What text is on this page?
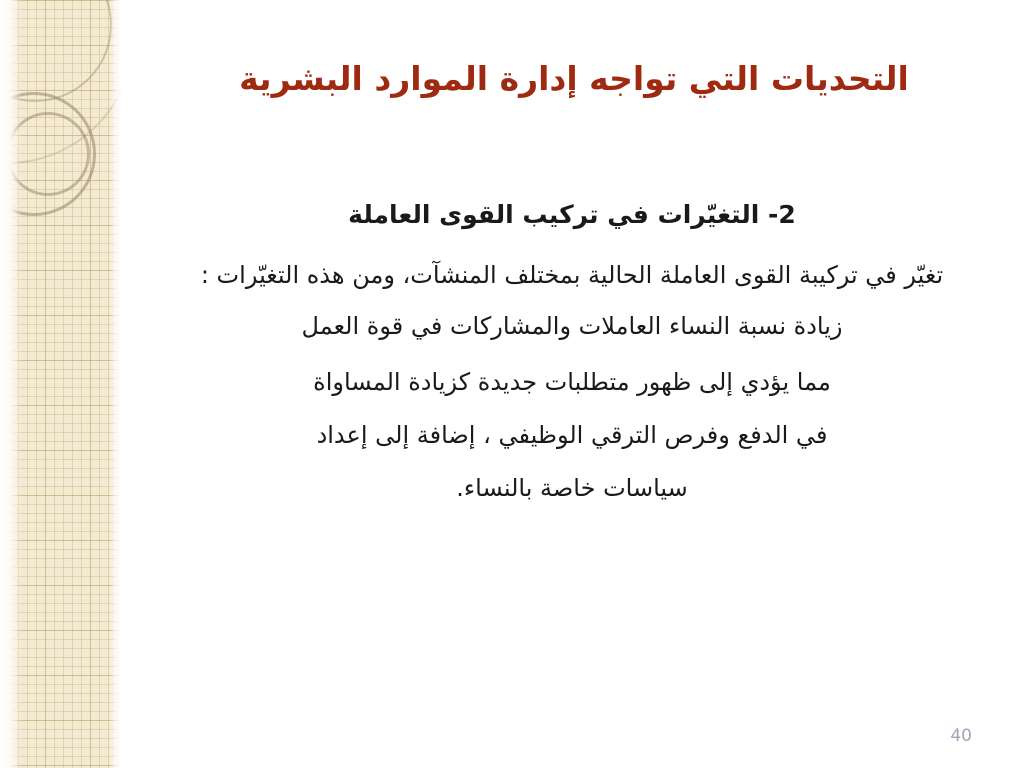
التحديات التي تواجه إدارة الموارد البشرية

2- التغيّرات في تركيب القوى العاملة

تغيّر في تركيبة القوى العاملة الحالية بمختلف المنشآت، ومن هذه التغيّرات :

زيادة نسبة النساء العاملات والمشاركات في قوة العمل

مما يؤدي إلى ظهور متطلبات جديدة كزيادة المساواة

في الدفع وفرص الترقي الوظيفي ، إضافة إلى إعداد

سياسات خاصة بالنساء.

40
